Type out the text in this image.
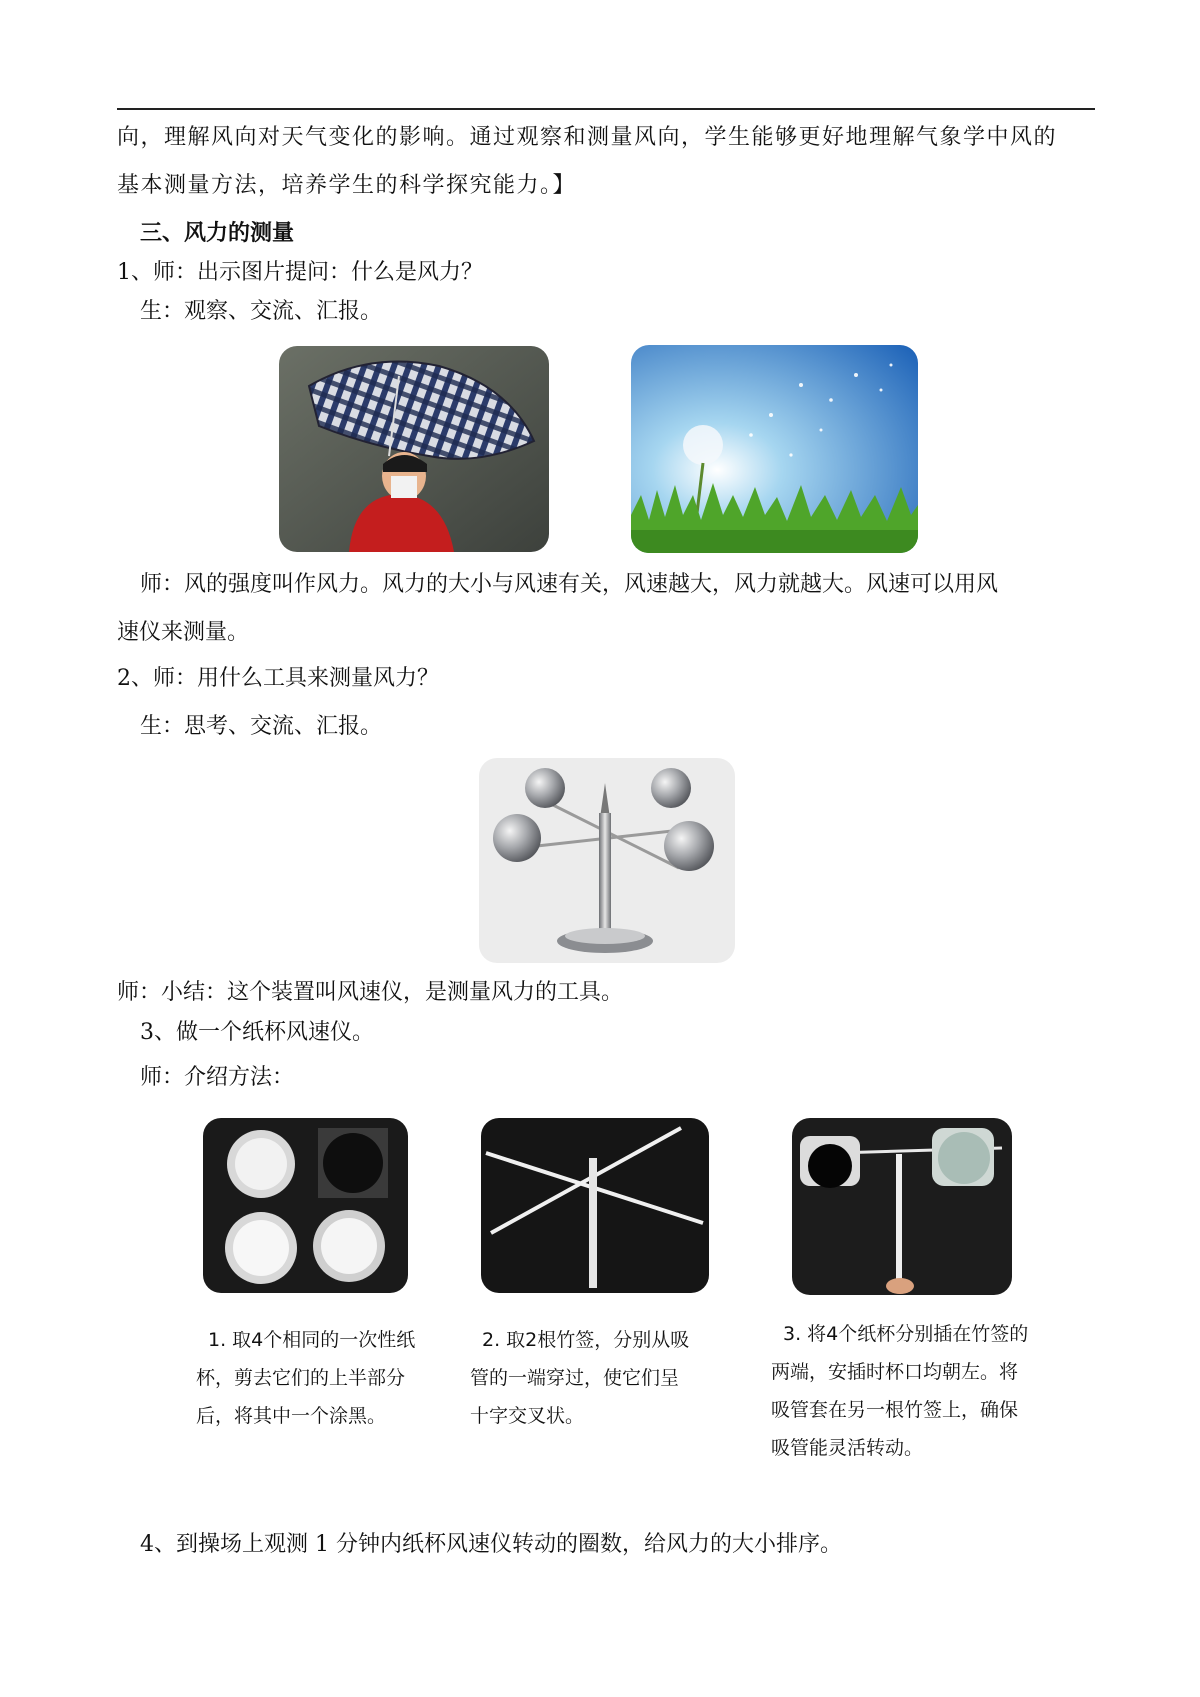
向，理解风向对天气变化的影响。通过观察和测量风向，学生能够更好地理解气象学中风的
基本测量方法，培养学生的科学探究能力。】
三、风力的测量
1、师：出示图片提问：什么是风力？
生：观察、交流、汇报。
师：风的强度叫作风力。风力的大小与风速有关，风速越大，风力就越大。风速可以用风
速仪来测量。
2、师：用什么工具来测量风力？
生：思考、交流、汇报。
师：小结：这个装置叫风速仪，是测量风力的工具。
3、做一个纸杯风速仪。
师：介绍方法：
1. 取4个相同的一次性纸
杯，剪去它们的上半部分
后，将其中一个涂黑。
2. 取2根竹签，分别从吸
管的一端穿过，使它们呈
十字交叉状。
3. 将4个纸杯分别插在竹签的
两端，安插时杯口均朝左。将
吸管套在另一根竹签上，确保
吸管能灵活转动。
4、到操场上观测 1 分钟内纸杯风速仪转动的圈数，给风力的大小排序。
